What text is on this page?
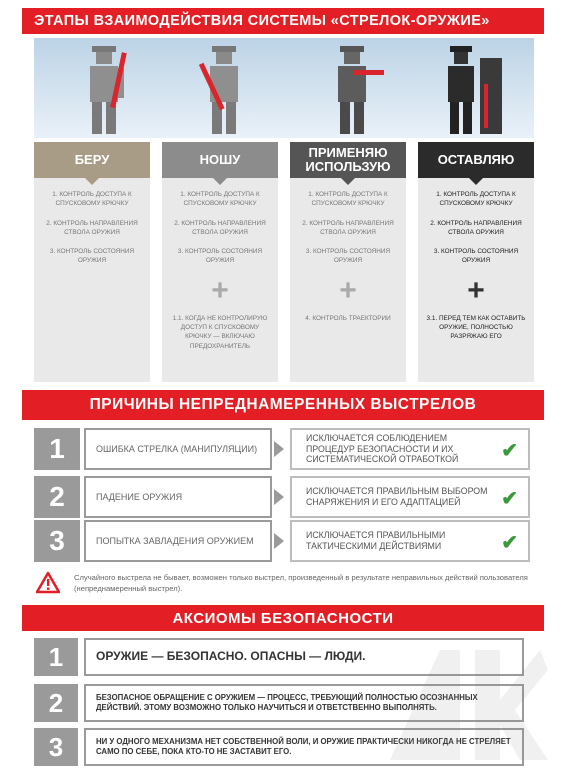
ЭТАПЫ ВЗАИМОДЕЙСТВИЯ СИСТЕМЫ «СТРЕЛОК-ОРУЖИЕ»
БЕРУ

1. КОНТРОЛЬ ДОСТУПА К СПУСКОВОМУ КРЮЧКУ

2. КОНТРОЛЬ НАПРАВЛЕНИЯ СТВОЛА ОРУЖИЯ

3. КОНТРОЛЬ СОСТОЯНИЯ ОРУЖИЯ

НОШУ

1. КОНТРОЛЬ ДОСТУПА К СПУСКОВОМУ КРЮЧКУ

2. КОНТРОЛЬ НАПРАВЛЕНИЯ СТВОЛА ОРУЖИЯ

3. КОНТРОЛЬ СОСТОЯНИЯ ОРУЖИЯ

+

1.1. КОГДА НЕ КОНТРОЛИРУЮ ДОСТУП К СПУСКОВОМУ КРЮЧКУ — ВКЛЮЧАЮ ПРЕДОХРАНИТЕЛЬ

ПРИМЕНЯЮ ИСПОЛЬЗУЮ

1. КОНТРОЛЬ ДОСТУПА К СПУСКОВОМУ КРЮЧКУ

2. КОНТРОЛЬ НАПРАВЛЕНИЯ СТВОЛА ОРУЖИЯ

3. КОНТРОЛЬ СОСТОЯНИЯ ОРУЖИЯ

+

4. КОНТРОЛЬ ТРАЕКТОРИИ

ОСТАВЛЯЮ

1. КОНТРОЛЬ ДОСТУПА К СПУСКОВОМУ КРЮЧКУ

2. КОНТРОЛЬ НАПРАВЛЕНИЯ СТВОЛА ОРУЖИЯ

3. КОНТРОЛЬ СОСТОЯНИЯ ОРУЖИЯ

+

3.1. ПЕРЕД ТЕМ КАК ОСТАВИТЬ ОРУЖИЕ, ПОЛНОСТЬЮ РАЗРЯЖАЮ ЕГО

ПРИЧИНЫ НЕПРЕДНАМЕРЕННЫХ ВЫСТРЕЛОВ
1	ОШИБКА СТРЕЛКА (МАНИПУЛЯЦИИ)
ИСКЛЮЧАЕТСЯ СОБЛЮДЕНИЕМ ПРОЦЕДУР БЕЗОПАСНОСТИ И ИХ СИСТЕМАТИЧЕСКОЙ ОТРАБОТКОЙ	✔
2	ПАДЕНИЕ ОРУЖИЯ
ИСКЛЮЧАЕТСЯ ПРАВИЛЬНЫМ ВЫБОРОМ СНАРЯЖЕНИЯ И ЕГО АДАПТАЦИЕЙ	✔
3	ПОПЫТКА ЗАВЛАДЕНИЯ ОРУЖИЕМ
ИСКЛЮЧАЕТСЯ ПРАВИЛЬНЫМИ ТАКТИЧЕСКИМИ ДЕЙСТВИЯМИ	✔
Случайного выстрела не бывает, возможен только выстрел, произведенный в результате неправильных действий пользователя (непреднамеренный выстрел).
АКСИОМЫ БЕЗОПАСНОСТИ
1	ОРУЖИЕ — БЕЗОПАСНО. ОПАСНЫ — ЛЮДИ.
2	БЕЗОПАСНОЕ ОБРАЩЕНИЕ С ОРУЖИЕМ — ПРОЦЕСС, ТРЕБУЮЩИЙ ПОЛНОСТЬЮ ОСОЗНАННЫХ ДЕЙСТВИЙ. ЭТОМУ ВОЗМОЖНО ТОЛЬКО НАУЧИТЬСЯ И ОТВЕТСТВЕННО ВЫПОЛНЯТЬ.
3	НИ У ОДНОГО МЕХАНИЗМА НЕТ СОБСТВЕННОЙ ВОЛИ, И ОРУЖИЕ ПРАКТИЧЕСКИ НИКОГДА НЕ СТРЕЛЯЕТ САМО ПО СЕБЕ, ПОКА КТО-ТО НЕ ЗАСТАВИТ ЕГО.
